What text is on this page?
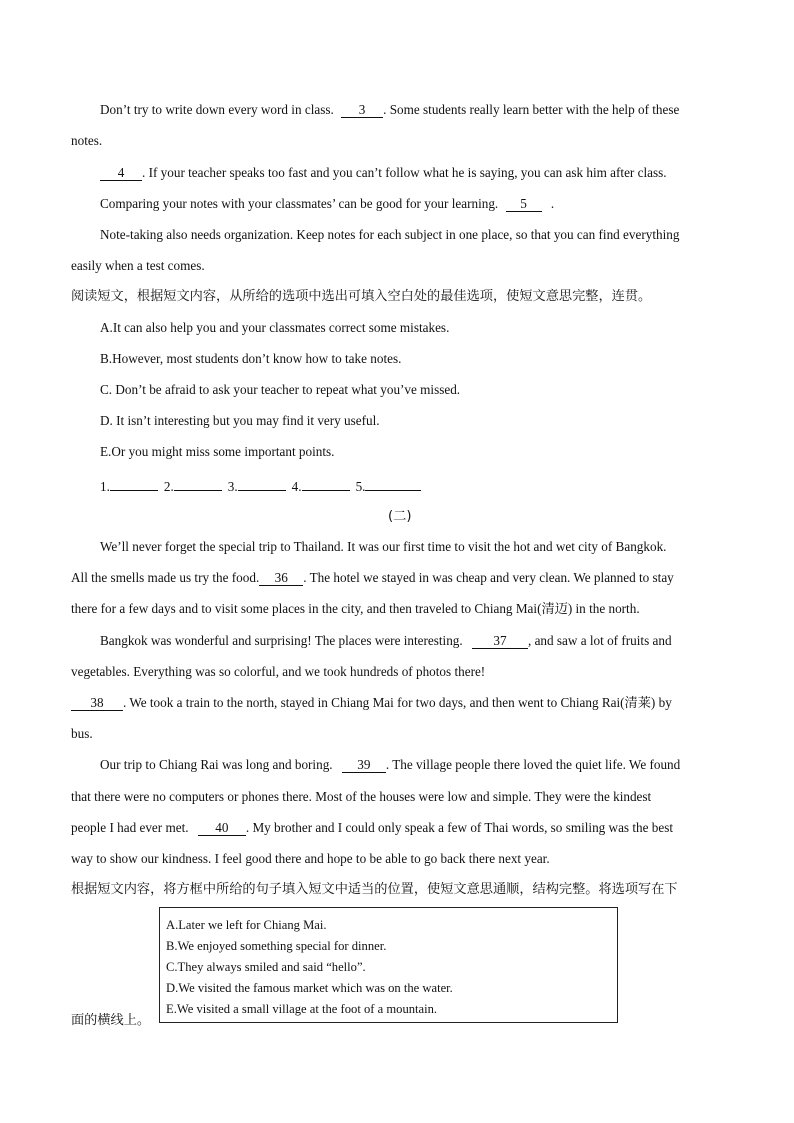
Don’t try to write down every word in class. 3 . Some students really learn better with the help of these
notes.
4 . If your teacher speaks too fast and you can’t follow what he is saying, you can ask him after class.
Comparing your notes with your classmates’ can be good for your learning. 5 .
Note-taking also needs organization. Keep notes for each subject in one place, so that you can find everything
easily when a test comes.
阅读短文，根据短文内容，从所给的选项中选出可填入空白处的最佳选项，使短文意思完整，连贯。
A.It can also help you and your classmates correct some mistakes.
B.However, most students don’t know how to take notes.
C. Don’t be afraid to ask your teacher to repeat what you’ve missed.
D. It isn’t interesting but you may find it very useful.
E.Or you might miss some important points.
1.	2.	3.	4.	5.
(二)
We’ll never forget the special trip to Thailand. It was our first time to visit the hot and wet city of Bangkok.
All the smells made us try the food. 36 . The hotel we stayed in was cheap and very clean. We planned to stay
there for a few days and to visit some places in the city, and then traveled to Chiang Mai(清迈) in the north.
Bangkok was wonderful and surprising! The places were interesting. 37 , and saw a lot of fruits and
vegetables. Everything was so colorful, and we took hundreds of photos there!
38 . We took a train to the north, stayed in Chiang Mai for two days, and then went to Chiang Rai(清莱) by
bus.
Our trip to Chiang Rai was long and boring. 39 . The village people there loved the quiet life. We found
that there were no computers or phones there. Most of the houses were low and simple. They were the kindest
people I had ever met. 40 . My brother and I could only speak a few of Thai words, so smiling was the best
way to show our kindness. I feel good there and hope to be able to go back there next year.
根据短文内容，将方框中所给的句子填入短文中适当的位置，使短文意思通顺，结构完整。将选项写在下
A.Later we left for Chiang Mai.
B.We enjoyed something special for dinner.
C.They always smiled and said “hello”.
D.We visited the famous market which was on the water.
E.We visited a small village at the foot of a mountain.
面的横线上。
